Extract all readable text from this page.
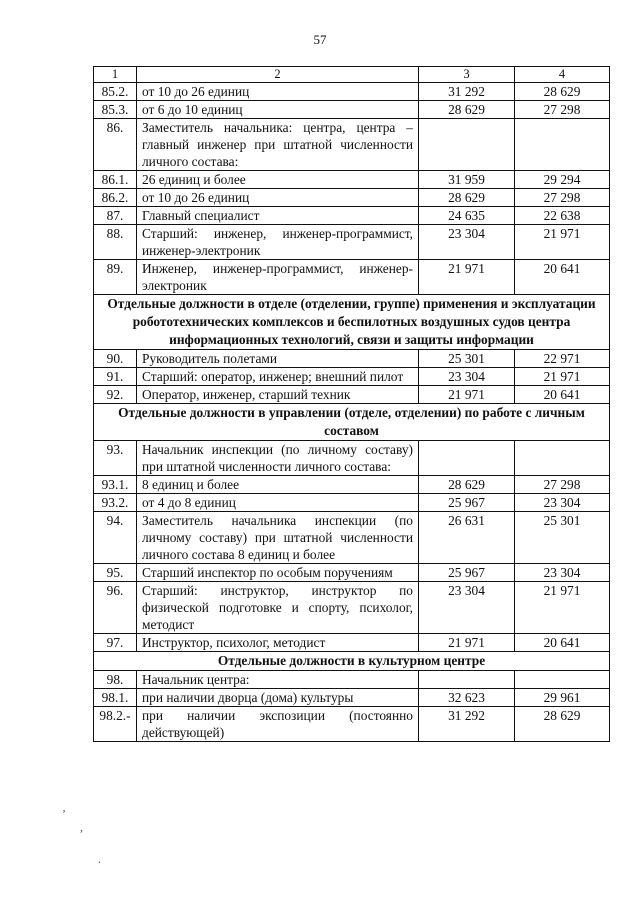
57
1	2	3	4
85.2.	от 10 до 26 единиц	31 292	28 629
85.3.	от 6 до 10 единиц	28 629	27 298
86.	Заместитель начальника: центра, центра – главный инженер при штатной численности личного состава:		
86.1.	26 единиц и более	31 959	29 294
86.2.	от 10 до 26 единиц	28 629	27 298
87.	Главный специалист	24 635	22 638
88.	Старший: инженер, инженер-программист, инженер-электроник	23 304	21 971
89.	Инженер, инженер-программист, инженер-электроник	21 971	20 641
Отдельные должности в отделе (отделении, группе) применения и эксплуатации робототехнических комплексов и беспилотных воздушных судов центра информационных технологий, связи и защиты информации			
90.	Руководитель полетами	25 301	22 971
91.	Старший: оператор, инженер; внешний пилот	23 304	21 971
92.	Оператор, инженер, старший техник	21 971	20 641
Отдельные должности в управлении (отделе, отделении) по работе с личным составом			
93.	Начальник инспекции (по личному составу) при штатной численности личного состава:		
93.1.	8 единиц и более	28 629	27 298
93.2.	от 4 до 8 единиц	25 967	23 304
94.	Заместитель начальника инспекции (по личному составу) при штатной численности личного состава 8 единиц и более	26 631	25 301
95.	Старший инспектор по особым поручениям	25 967	23 304
96.	Старший: инструктор, инструктор по физической подготовке и спорту, психолог, методист	23 304	21 971
97.	Инструктор, психолог, методист	21 971	20 641
Отдельные должности в культурном центре			
98.	Начальник центра:		
98.1.	при наличии дворца (дома) культуры	32 623	29 961
98.2.-	при наличии экспозиции (постоянно действующей)	31 292	28 629
‚
,
.
